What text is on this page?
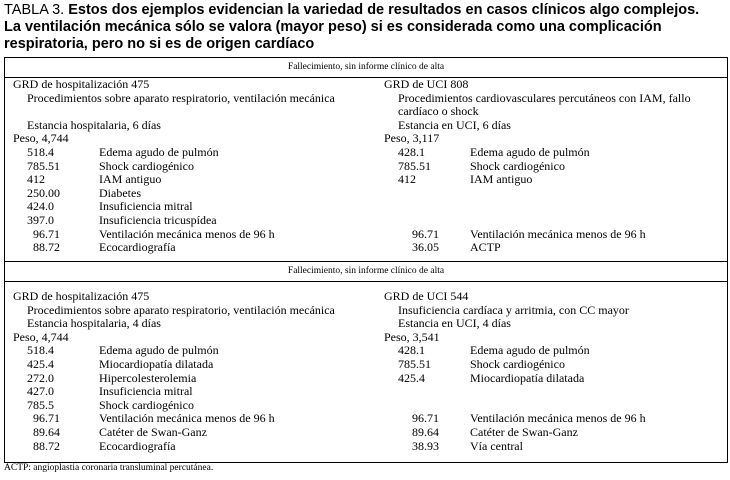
TABLA 3. Estos dos ejemplos evidencian la variedad de resultados en casos clínicos algo complejos.
La ventilación mecánica sólo se valora (mayor peso) si es considerada como una complicación
respiratoria, pero no si es de origen cardíaco
Fallecimiento, sin informe clínico de alta
GRD de hospitalización 475
Procedimientos sobre aparato respiratorio, ventilación mecánica
Estancia hospitalaria, 6 días
Peso, 4,744
518.4	Edema agudo de pulmón
785.51	Shock cardiogénico
412	IAM antiguo
250.00	Diabetes
424.0	Insuficiencia mitral
397.0	Insuficiencia tricuspídea
96.71	Ventilación mecánica menos de 96 h
88.72	Ecocardiografía
GRD de UCI 808
Procedimientos cardiovasculares percutáneos con IAM, fallo cardíaco o shock
Estancia en UCI, 6 días
Peso, 3,117
428.1	Edema agudo de pulmón
785.51	Shock cardiogénico
412	IAM antiguo
96.71	Ventilación mecánica menos de 96 h
36.05	ACTP
Fallecimiento, sin informe clínico de alta
GRD de hospitalización 475
Procedimientos sobre aparato respiratorio, ventilación mecánica
Estancia hospitalaria, 4 días
Peso, 4,744
518.4	Edema agudo de pulmón
425.4	Miocardiopatía dilatada
272.0	Hipercolesterolemia
427.0	Insuficiencia mitral
785.5	Shock cardiogénico
96.71	Ventilación mecánica menos de 96 h
89.64	Catéter de Swan-Ganz
88.72	Ecocardiografía
GRD de UCI 544
Insuficiencia cardíaca y arritmia, con CC mayor
Estancia en UCI, 4 días
Peso, 3,541
428.1	Edema agudo de pulmón
785.51	Shock cardiogénico
425.4	Miocardiopatía dilatada
96.71	Ventilación mecánica menos de 96 h
89.64	Catéter de Swan-Ganz
38.93	Vía central
ACTP: angioplastia coronaria transluminal percutánea.
